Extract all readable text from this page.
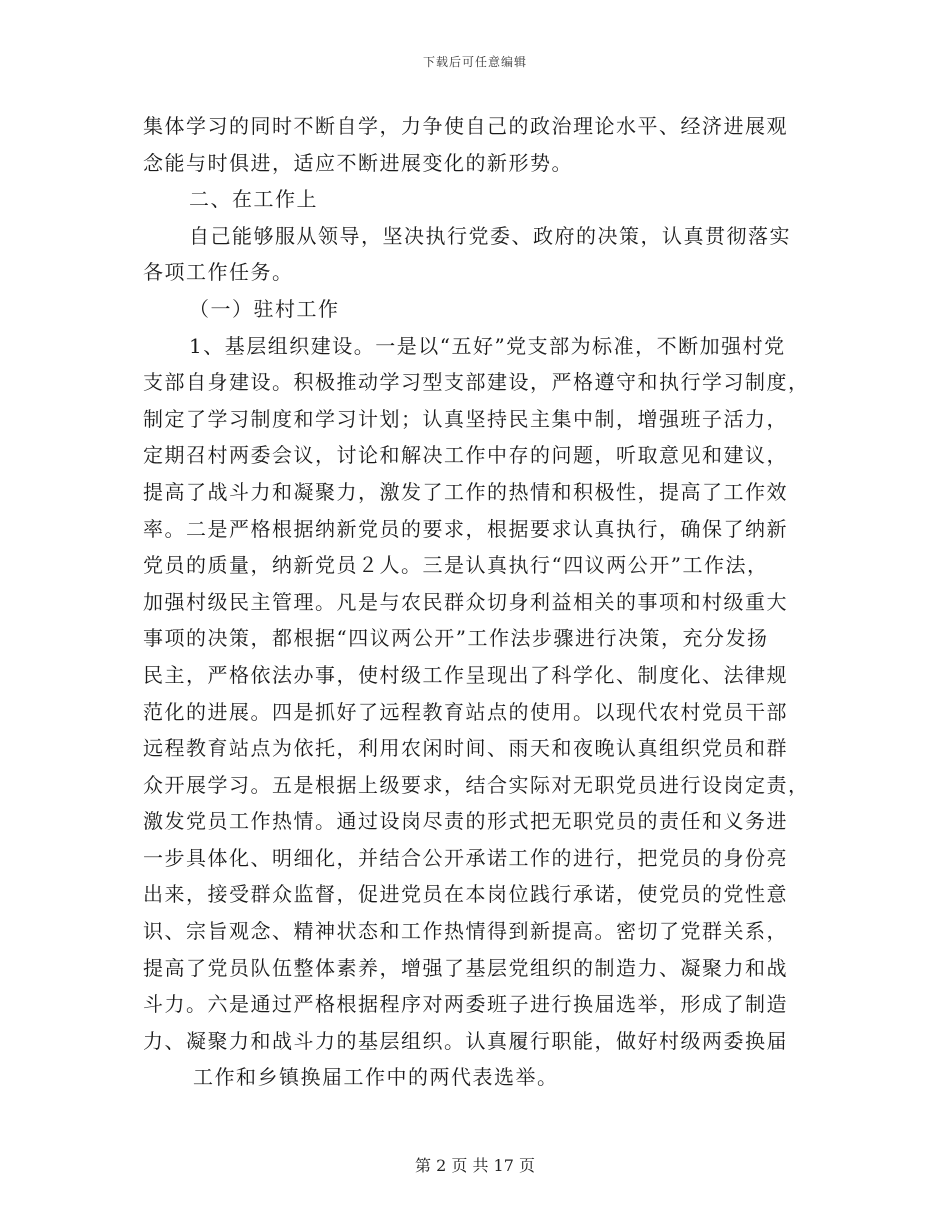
下载后可任意编辑
集体学习的同时不断自学，力争使自己的政治理论水平、经济进展观
念能与时俱进，适应不断进展变化的新形势。
二、在工作上
自己能够服从领导，坚决执行党委、政府的决策，认真贯彻落实
各项工作任务。
（一）驻村工作
1、基层组织建设。一是以“五好”党支部为标准，不断加强村党
支部自身建设。积极推动学习型支部建设，严格遵守和执行学习制度，
制定了学习制度和学习计划；认真坚持民主集中制，增强班子活力，
定期召村两委会议，讨论和解决工作中存的问题，听取意见和建议，
提高了战斗力和凝聚力，激发了工作的热情和积极性，提高了工作效
率。二是严格根据纳新党员的要求，根据要求认真执行，确保了纳新
党员的质量，纳新党员２人。三是认真执行“四议两公开”工作法，
加强村级民主管理。凡是与农民群众切身利益相关的事项和村级重大
事项的决策，都根据“四议两公开”工作法步骤进行决策，充分发扬
民主，严格依法办事，使村级工作呈现出了科学化、制度化、法律规
范化的进展。四是抓好了远程教育站点的使用。以现代农村党员干部
远程教育站点为依托，利用农闲时间、雨天和夜晚认真组织党员和群
众开展学习。五是根据上级要求，结合实际对无职党员进行设岗定责，
激发党员工作热情。通过设岗尽责的形式把无职党员的责任和义务进
一步具体化、明细化，并结合公开承诺工作的进行，把党员的身份亮
出来，接受群众监督，促进党员在本岗位践行承诺，使党员的党性意
识、宗旨观念、精神状态和工作热情得到新提高。密切了党群关系，
提高了党员队伍整体素养，增强了基层党组织的制造力、凝聚力和战
斗力。六是通过严格根据程序对两委班子进行换届选举，形成了制造
力、凝聚力和战斗力的基层组织。认真履行职能，做好村级两委换届
工作和乡镇换届工作中的两代表选举。
第 2 页 共 17 页
